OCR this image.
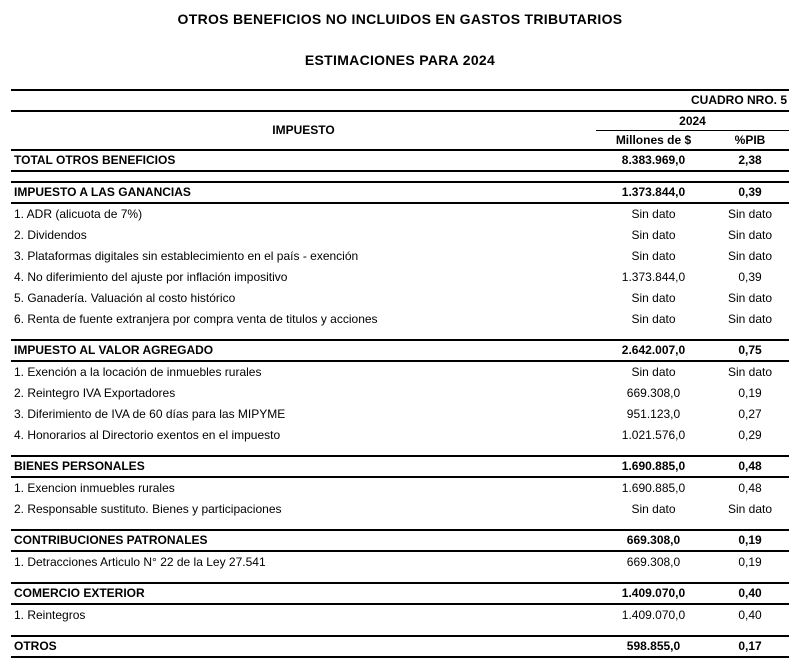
OTROS BENEFICIOS NO INCLUIDOS EN GASTOS TRIBUTARIOS
ESTIMACIONES PARA 2024
CUADRO NRO. 5		
IMPUESTO	2024	
	Millones de $	%PIB
TOTAL OTROS BENEFICIOS	8.383.969,0	2,38

IMPUESTO A LAS GANANCIAS	1.373.844,0	0,39
1. ADR (alicuota de 7%)	Sin dato	Sin dato
2. Dividendos	Sin dato	Sin dato
3. Plataformas digitales sin establecimiento en el país - exención	Sin dato	Sin dato
4. No diferimiento del ajuste por inflación impositivo	1.373.844,0	0,39
5. Ganadería. Valuación al costo histórico	Sin dato	Sin dato
6. Renta de fuente extranjera por compra venta de titulos y acciones	Sin dato	Sin dato

IMPUESTO AL VALOR AGREGADO	2.642.007,0	0,75
1. Exención a la locación de inmuebles rurales	Sin dato	Sin dato
2. Reintegro IVA Exportadores	669.308,0	0,19
3. Diferimiento de IVA de 60 días para las MIPYME	951.123,0	0,27
4. Honorarios al Directorio exentos en el impuesto	1.021.576,0	0,29

BIENES PERSONALES	1.690.885,0	0,48
1. Exencion inmuebles rurales	1.690.885,0	0,48
2. Responsable sustituto. Bienes y participaciones	Sin dato	Sin dato

CONTRIBUCIONES PATRONALES	669.308,0	0,19
1. Detracciones Articulo N° 22 de la Ley 27.541	669.308,0	0,19

COMERCIO EXTERIOR	1.409.070,0	0,40
1. Reintegros	1.409.070,0	0,40

OTROS	598.855,0	0,17
